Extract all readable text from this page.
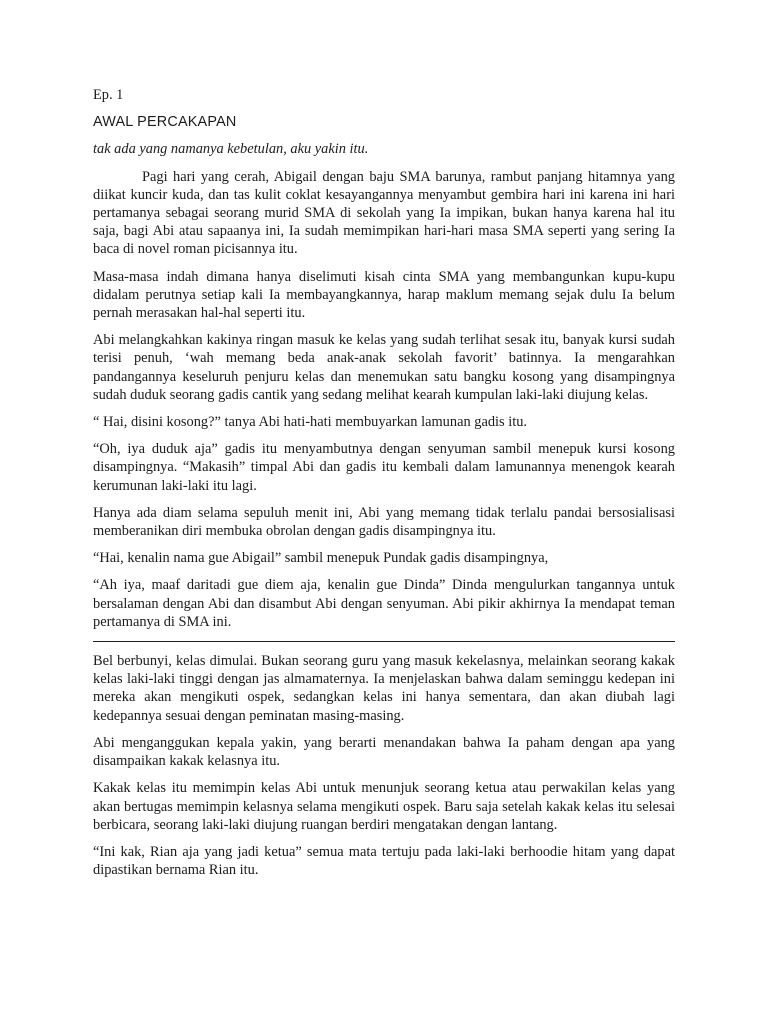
Ep. 1

AWAL PERCAKAPAN

tak ada yang namanya kebetulan, aku yakin itu.

Pagi hari yang cerah, Abigail dengan baju SMA barunya, rambut panjang hitamnya yang diikat kuncir kuda, dan tas kulit coklat kesayangannya menyambut gembira hari ini karena ini hari pertamanya sebagai seorang murid SMA di sekolah yang Ia impikan, bukan hanya karena hal itu saja, bagi Abi atau sapaanya ini, Ia sudah memimpikan hari-hari masa SMA seperti yang sering Ia baca di novel roman picisannya itu.

Masa-masa indah dimana hanya diselimuti kisah cinta SMA yang membangunkan kupu-kupu didalam perutnya setiap kali Ia membayangkannya, harap maklum memang sejak dulu Ia belum pernah merasakan hal-hal seperti itu.

Abi melangkahkan kakinya ringan masuk ke kelas yang sudah terlihat sesak itu, banyak kursi sudah terisi penuh, ‘wah memang beda anak-anak sekolah favorit’ batinnya. Ia mengarahkan pandangannya keseluruh penjuru kelas dan menemukan satu bangku kosong yang disampingnya sudah duduk seorang gadis cantik yang sedang melihat kearah kumpulan laki-laki diujung kelas.

“ Hai, disini kosong?” tanya Abi hati-hati membuyarkan lamunan gadis itu.

“Oh, iya duduk aja” gadis itu menyambutnya dengan senyuman sambil menepuk kursi kosong disampingnya. “Makasih” timpal Abi dan gadis itu kembali dalam lamunannya menengok kearah kerumunan laki-laki itu lagi.

Hanya ada diam selama sepuluh menit ini, Abi yang memang tidak terlalu pandai bersosialisasi memberanikan diri membuka obrolan dengan gadis disampingnya itu.

“Hai, kenalin nama gue Abigail” sambil menepuk Pundak gadis disampingnya,

“Ah iya, maaf daritadi gue diem aja, kenalin gue Dinda” Dinda mengulurkan tangannya untuk bersalaman dengan Abi dan disambut Abi dengan senyuman. Abi pikir akhirnya Ia mendapat teman pertamanya di SMA ini.

Bel berbunyi, kelas dimulai. Bukan seorang guru yang masuk kekelasnya, melainkan seorang kakak kelas laki-laki tinggi dengan jas almamaternya. Ia menjelaskan bahwa dalam seminggu kedepan ini mereka akan mengikuti ospek, sedangkan kelas ini hanya sementara, dan akan diubah lagi kedepannya sesuai dengan peminatan masing-masing.

Abi menganggukan kepala yakin, yang berarti menandakan bahwa Ia paham dengan apa yang disampaikan kakak kelasnya itu.

Kakak kelas itu memimpin kelas Abi untuk menunjuk seorang ketua atau perwakilan kelas yang akan bertugas memimpin kelasnya selama mengikuti ospek. Baru saja setelah kakak kelas itu selesai berbicara, seorang laki-laki diujung ruangan berdiri mengatakan dengan lantang.

“Ini kak, Rian aja yang jadi ketua” semua mata tertuju pada laki-laki berhoodie hitam yang dapat dipastikan bernama Rian itu.
